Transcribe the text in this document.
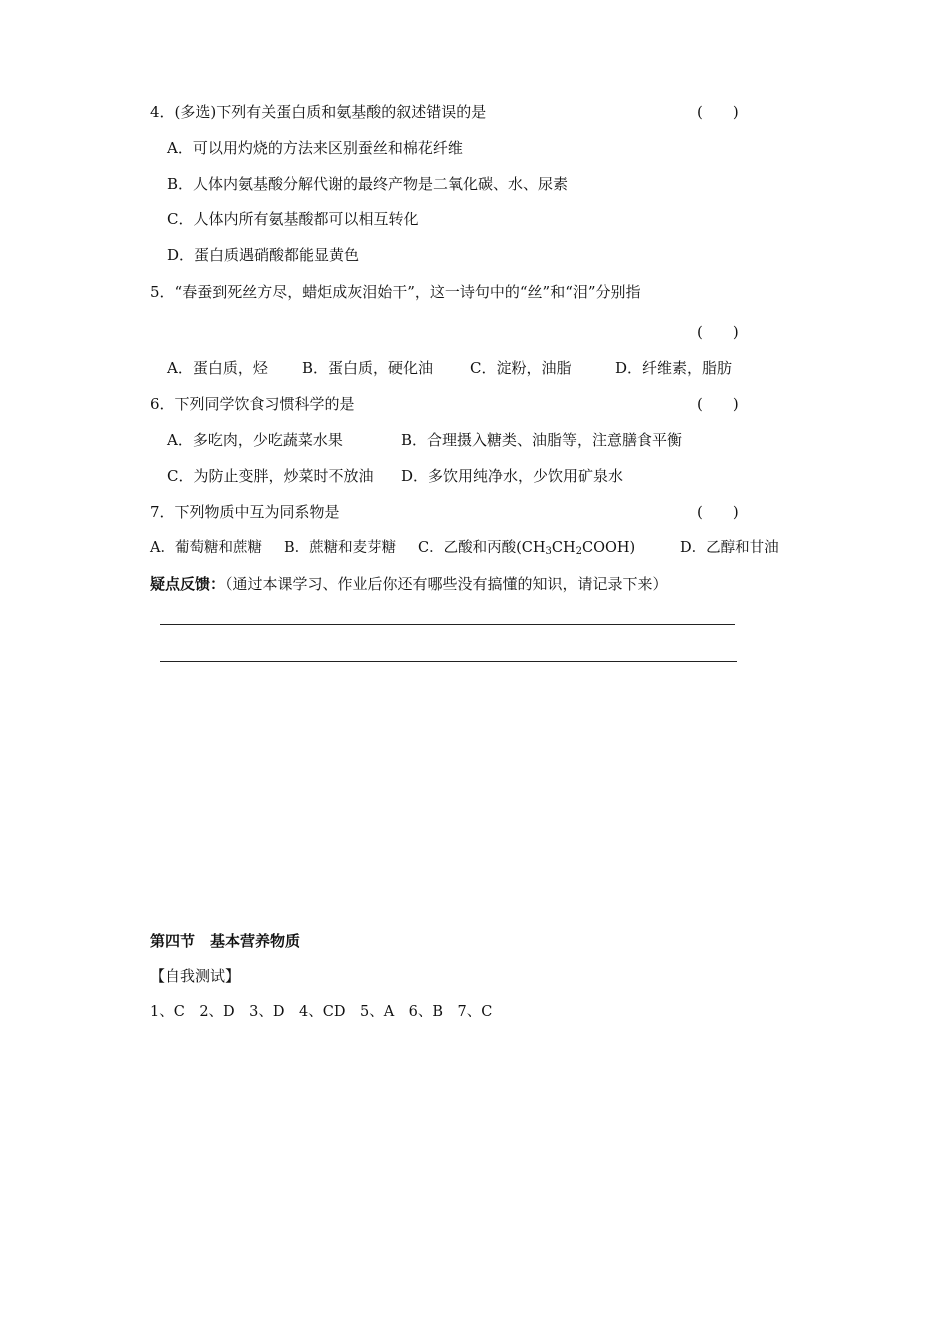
4．(多选)下列有关蛋白质和氨基酸的叙述错误的是	(　　)
A．可以用灼烧的方法来区别蚕丝和棉花纤维
B．人体内氨基酸分解代谢的最终产物是二氧化碳、水、尿素
C．人体内所有氨基酸都可以相互转化
D．蛋白质遇硝酸都能显黄色
5．“春蚕到死丝方尽，蜡炬成灰泪始干”，这一诗句中的“丝”和“泪”分别指
(　　)
A．蛋白质，烃 B．蛋白质，硬化油 C．淀粉，油脂	D．纤维素，脂肪
6．下列同学饮食习惯科学的是	(　　)
A．多吃肉，少吃蔬菜水果	B．合理摄入糖类、油脂等，注意膳食平衡
C．为防止变胖，炒菜时不放油 D．多饮用纯净水，少饮用矿泉水
7．下列物质中互为同系物是	(　　)
A．葡萄糖和蔗糖 B．蔗糖和麦芽糖 C．乙酸和丙酸$(CH_3CH_2COOH)$	D．乙醇和甘油
疑点反馈：（通过本课学习、作业后你还有哪些没有搞懂的知识，请记录下来）
第四节　基本营养物质
【自我测试】
1、C　2、D　3、D　4、CD　5、A　6、B　7、C
